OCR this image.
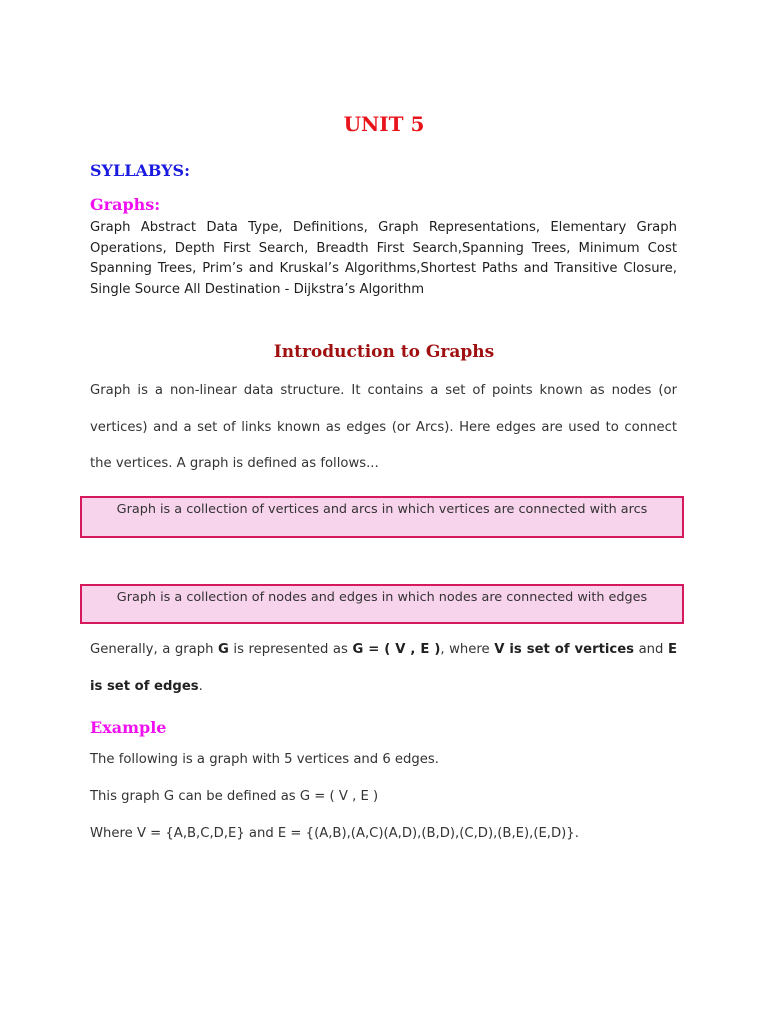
UNIT 5
SYLLABYS:
Graphs:

Graph Abstract Data Type, Definitions, Graph Representations, Elementary Graph Operations, Depth First Search, Breadth First Search,Spanning Trees, Minimum Cost Spanning Trees, Prim’s and Kruskal’s Algorithms,Shortest Paths and Transitive Closure, Single Source All Destination - Dijkstra’s Algorithm

Introduction to Graphs

Graph is a non-linear data structure. It contains a set of points known as nodes (or vertices) and a set of links known as edges (or Arcs). Here edges are used to connect the vertices. A graph is defined as follows...

Graph is a collection of vertices and arcs in which vertices are connected with arcs
Graph is a collection of nodes and edges in which nodes are connected with edges

Generally, a graph G is represented as G = ( V , E ), where V is set of vertices and E is set of edges.

Example
The following is a graph with 5 vertices and 6 edges.
This graph G can be defined as G = ( V , E )
Where V = {A,B,C,D,E} and E = {(A,B),(A,C)(A,D),(B,D),(C,D),(B,E),(E,D)}.
